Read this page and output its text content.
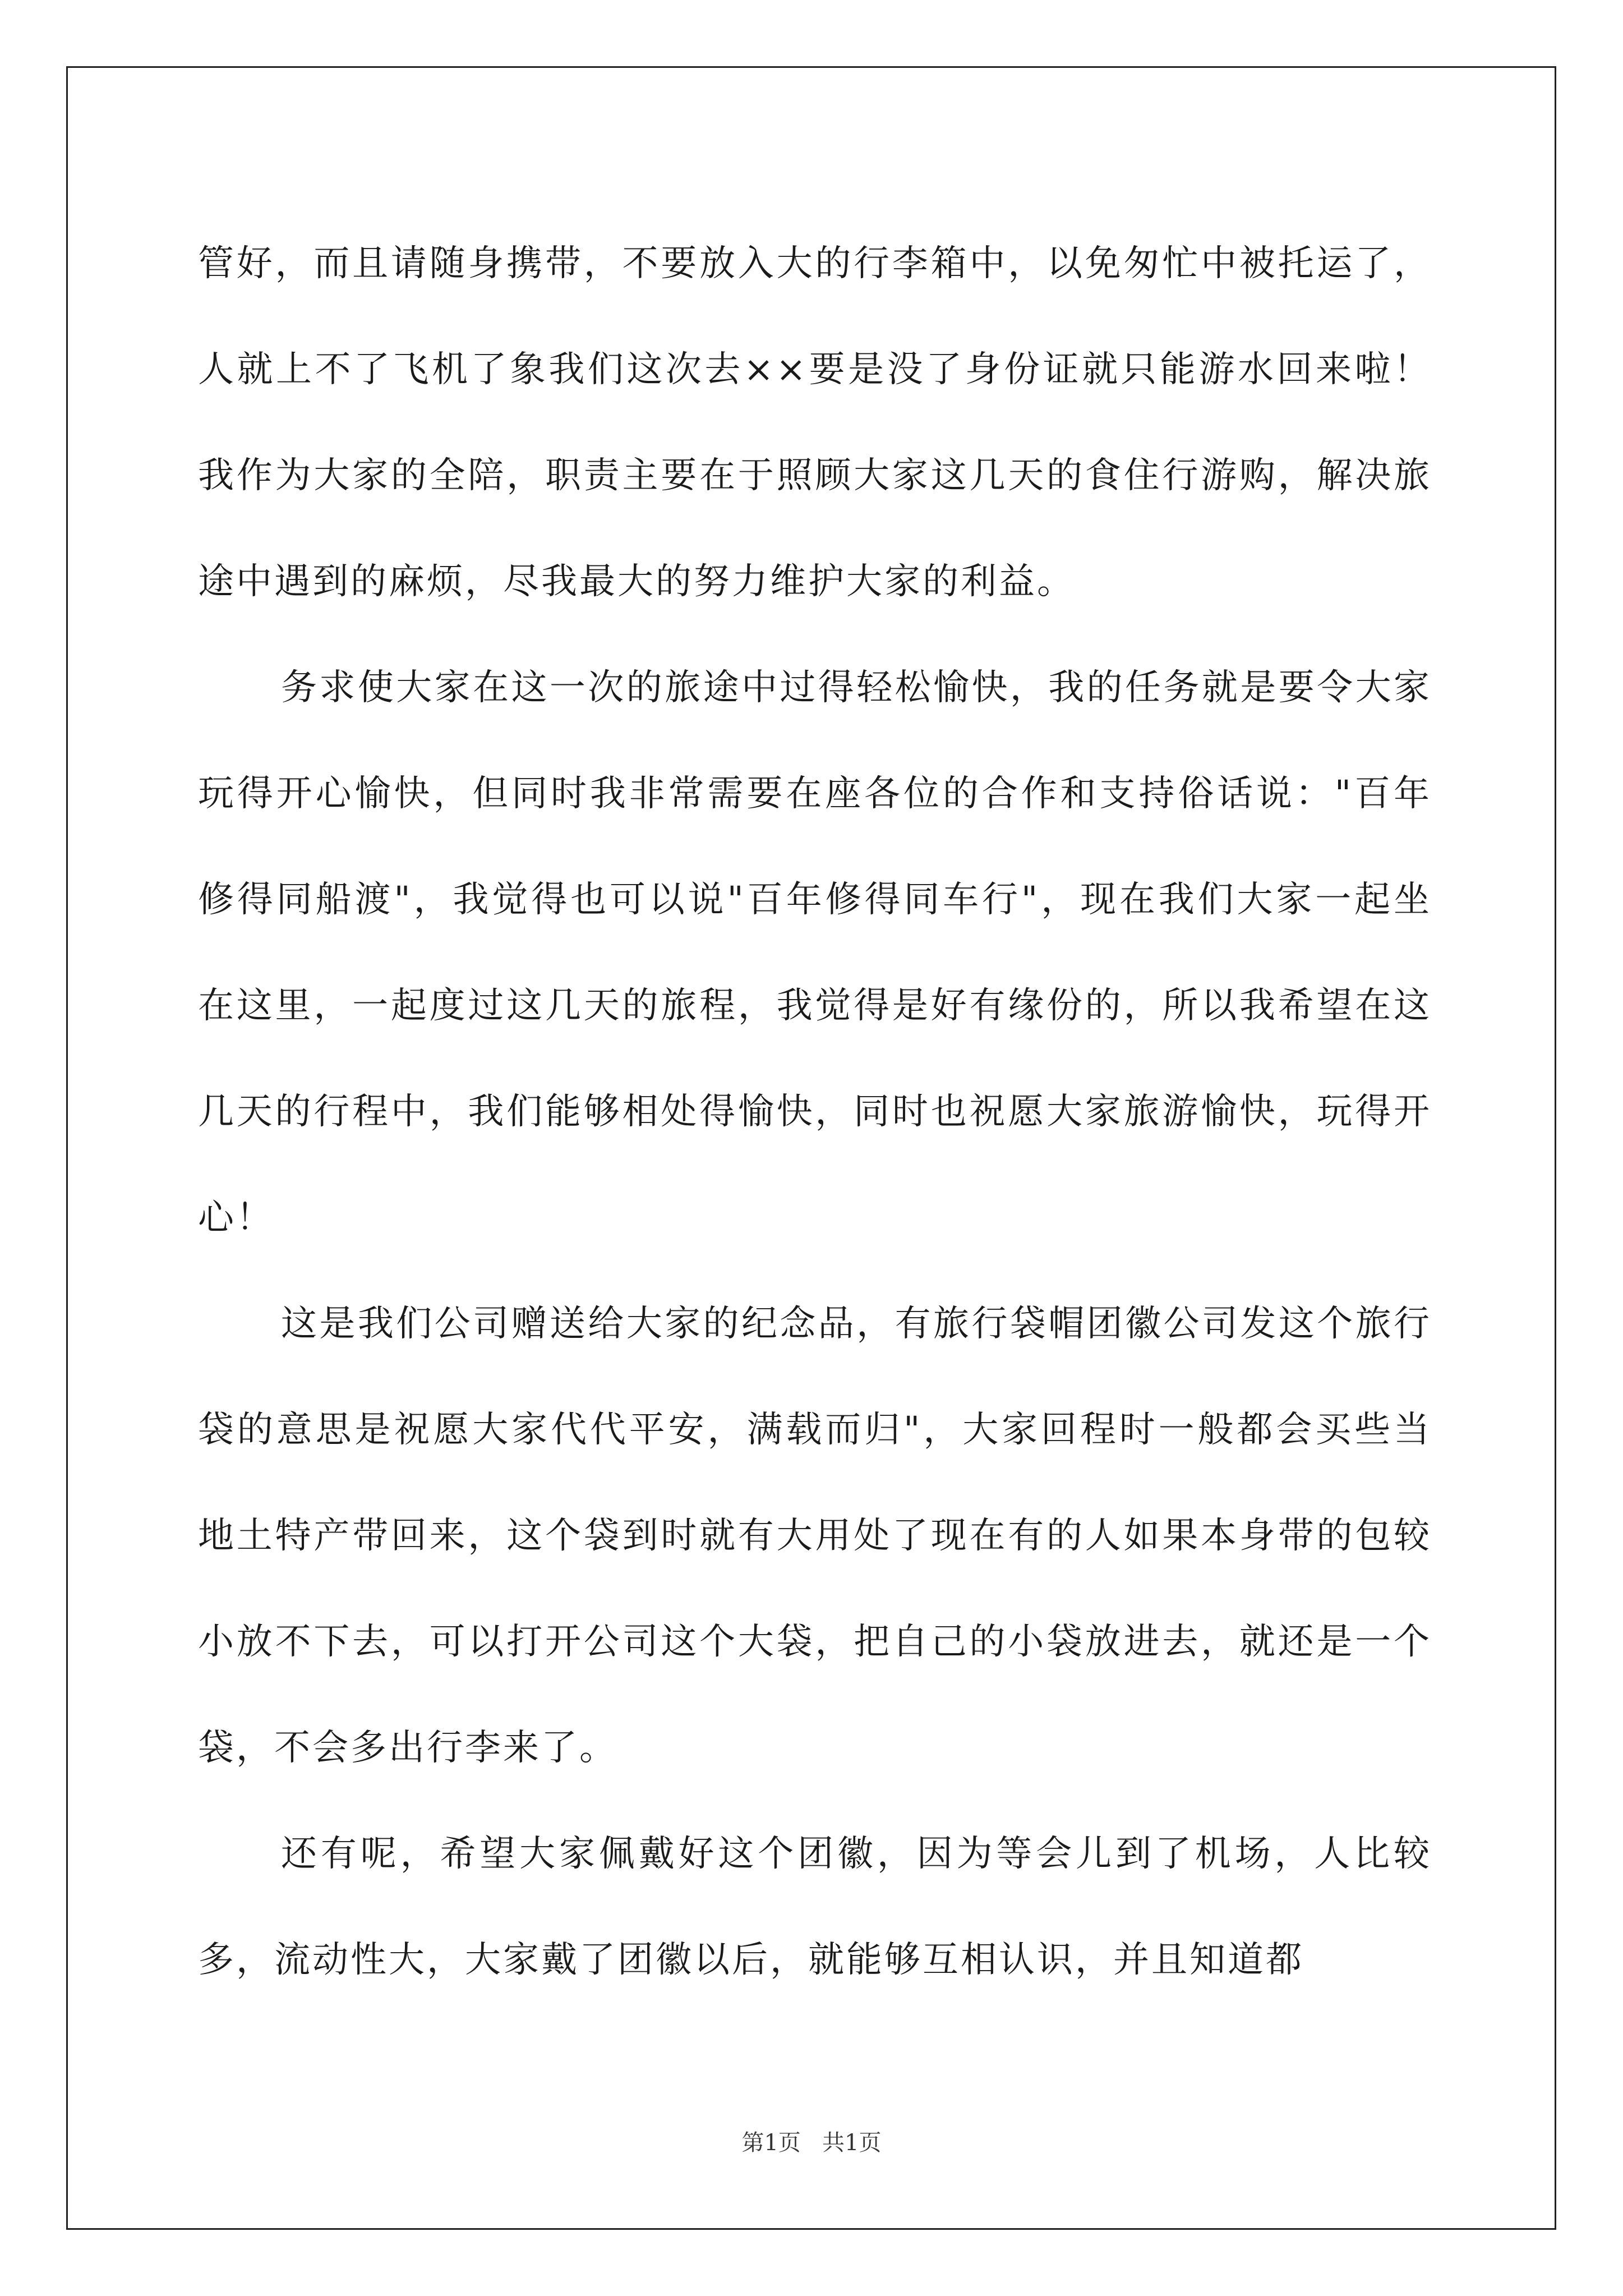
管好，而且请随身携带，不要放入大的行李箱中，以免匆忙中被托运了，人就上不了飞机了象我们这次去××要是没了身份证就只能游水回来啦！我作为大家的全陪，职责主要在于照顾大家这几天的食住行游购，解决旅途中遇到的麻烦，尽我最大的努力维护大家的利益。

务求使大家在这一次的旅途中过得轻松愉快，我的任务就是要令大家玩得开心愉快，但同时我非常需要在座各位的合作和支持俗话说："百年修得同船渡"，我觉得也可以说"百年修得同车行"，现在我们大家一起坐在这里，一起度过这几天的旅程，我觉得是好有缘份的，所以我希望在这几天的行程中，我们能够相处得愉快，同时也祝愿大家旅游愉快，玩得开心！

这是我们公司赠送给大家的纪念品，有旅行袋帽团徽公司发这个旅行袋的意思是祝愿大家代代平安，满载而归"，大家回程时一般都会买些当地土特产带回来，这个袋到时就有大用处了现在有的人如果本身带的包较小放不下去，可以打开公司这个大袋，把自己的小袋放进去，就还是一个袋，不会多出行李来了。

还有呢，希望大家佩戴好这个团徽，因为等会儿到了机场，人比较多，流动性大，大家戴了团徽以后，就能够互相认识，并且知道都

第1页   共1页
